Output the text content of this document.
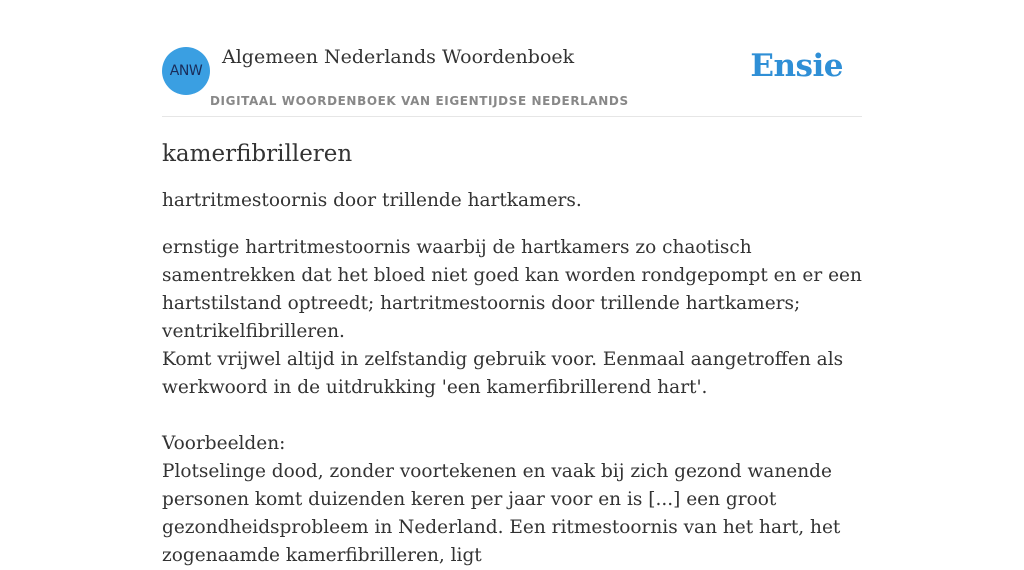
ANW
Algemeen Nederlands Woordenboek
DIGITAAL WOORDENBOEK VAN EIGENTIJDSE NEDERLANDS
Ensie
kamerfibrilleren

hartritmestoornis door trillende hartkamers.

ernstige hartritmestoornis waarbij de hartkamers zo chaotisch samentrekken dat het bloed niet goed kan worden rondgepompt en er een hartstilstand optreedt; hartritmestoornis door trillende hartkamers; ventrikelfibrilleren.
Komt vrijwel altijd in zelfstandig gebruik voor. Eenmaal aangetroffen als werkwoord in de uitdrukking 'een kamerfibrillerend hart'.
Voorbeelden:
Plotselinge dood, zonder voortekenen en vaak bij zich gezond wanende personen komt duizenden keren per jaar voor en is [...] een groot gezondheidsprobleem in Nederland. Een ritmestoornis van het hart, het zogenaamde kamerfibrilleren, ligt
